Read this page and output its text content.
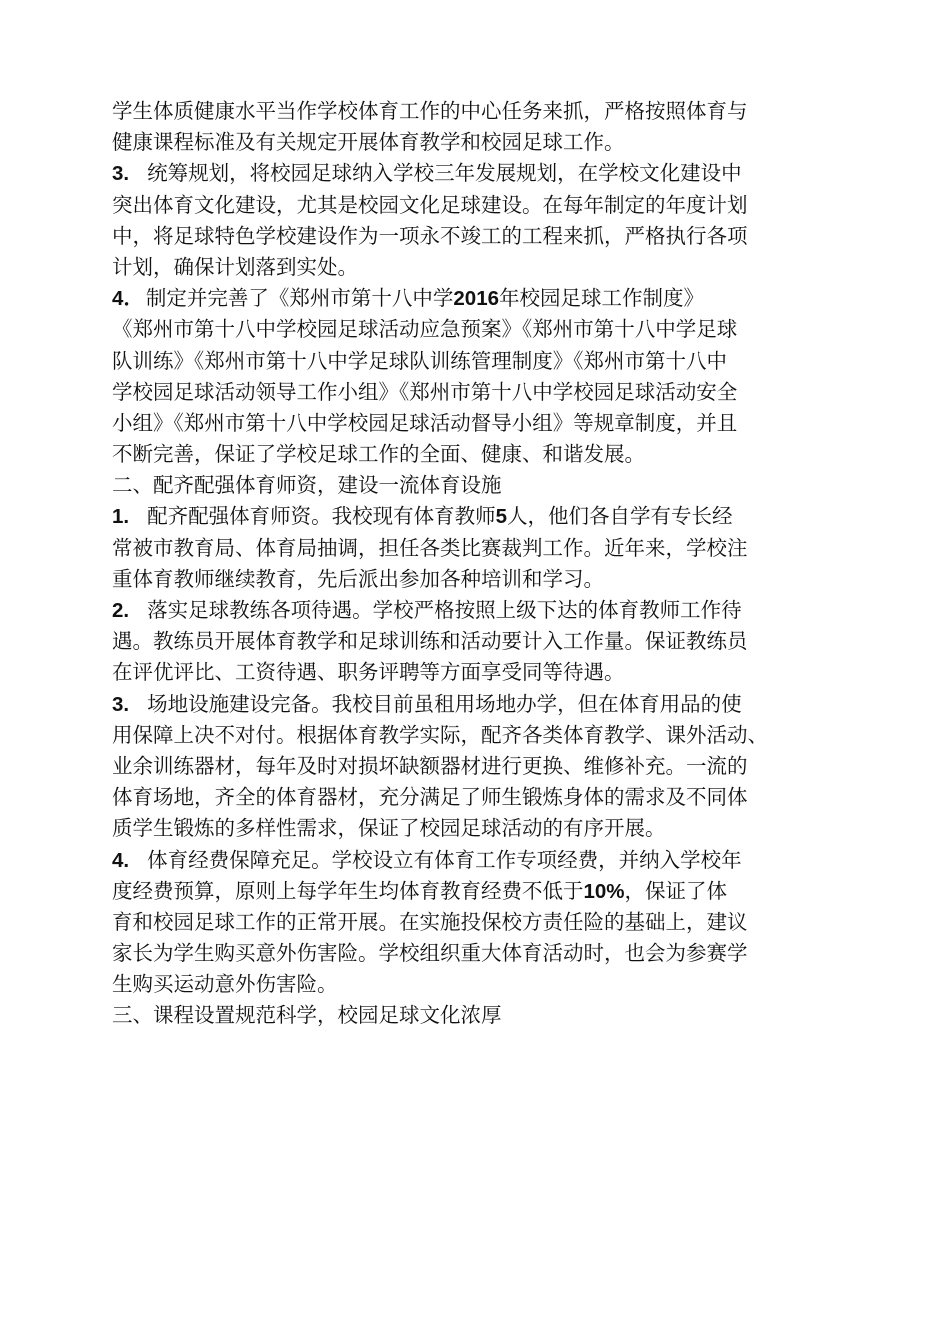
学生体质健康水平当作学校体育工作的中心任务来抓，严格按照体育与
健康课程标准及有关规定开展体育教学和校园足球工作。
3. 统筹规划，将校园足球纳入学校三年发展规划，在学校文化建设中
突出体育文化建设，尤其是校园文化足球建设。在每年制定的年度计划
中，将足球特色学校建设作为一项永不竣工的工程来抓，严格执行各项
计划，确保计划落到实处。
4．制定并完善了《郑州市第十八中学2016年校园足球工作制度》
《郑州市第十八中学校园足球活动应急预案》《郑州市第十八中学足球
队训练》《郑州市第十八中学足球队训练管理制度》《郑州市第十八中
学校园足球活动领导工作小组》《郑州市第十八中学校园足球活动安全
小组》《郑州市第十八中学校园足球活动督导小组》等规章制度，并且
不断完善，保证了学校足球工作的全面、健康、和谐发展。
二、配齐配强体育师资，建设一流体育设施
1. 配齐配强体育师资。我校现有体育教师5人，他们各自学有专长经
常被市教育局、体育局抽调，担任各类比赛裁判工作。近年来，学校注
重体育教师继续教育，先后派出参加各种培训和学习。
2. 落实足球教练各项待遇。学校严格按照上级下达的体育教师工作待
遇。教练员开展体育教学和足球训练和活动要计入工作量。保证教练员
在评优评比、工资待遇、职务评聘等方面享受同等待遇。
3. 场地设施建设完备。我校目前虽租用场地办学，但在体育用品的使
用保障上决不对付。根据体育教学实际，配齐各类体育教学、课外活动、
业余训练器材，每年及时对损坏缺额器材进行更换、维修补充。一流的
体育场地，齐全的体育器材，充分满足了师生锻炼身体的需求及不同体
质学生锻炼的多样性需求，保证了校园足球活动的有序开展。
4. 体育经费保障充足。学校设立有体育工作专项经费，并纳入学校年
度经费预算，原则上每学年生均体育教育经费不低于10%，保证了体
育和校园足球工作的正常开展。在实施投保校方责任险的基础上，建议
家长为学生购买意外伤害险。学校组织重大体育活动时，也会为参赛学
生购买运动意外伤害险。
三、课程设置规范科学，校园足球文化浓厚
